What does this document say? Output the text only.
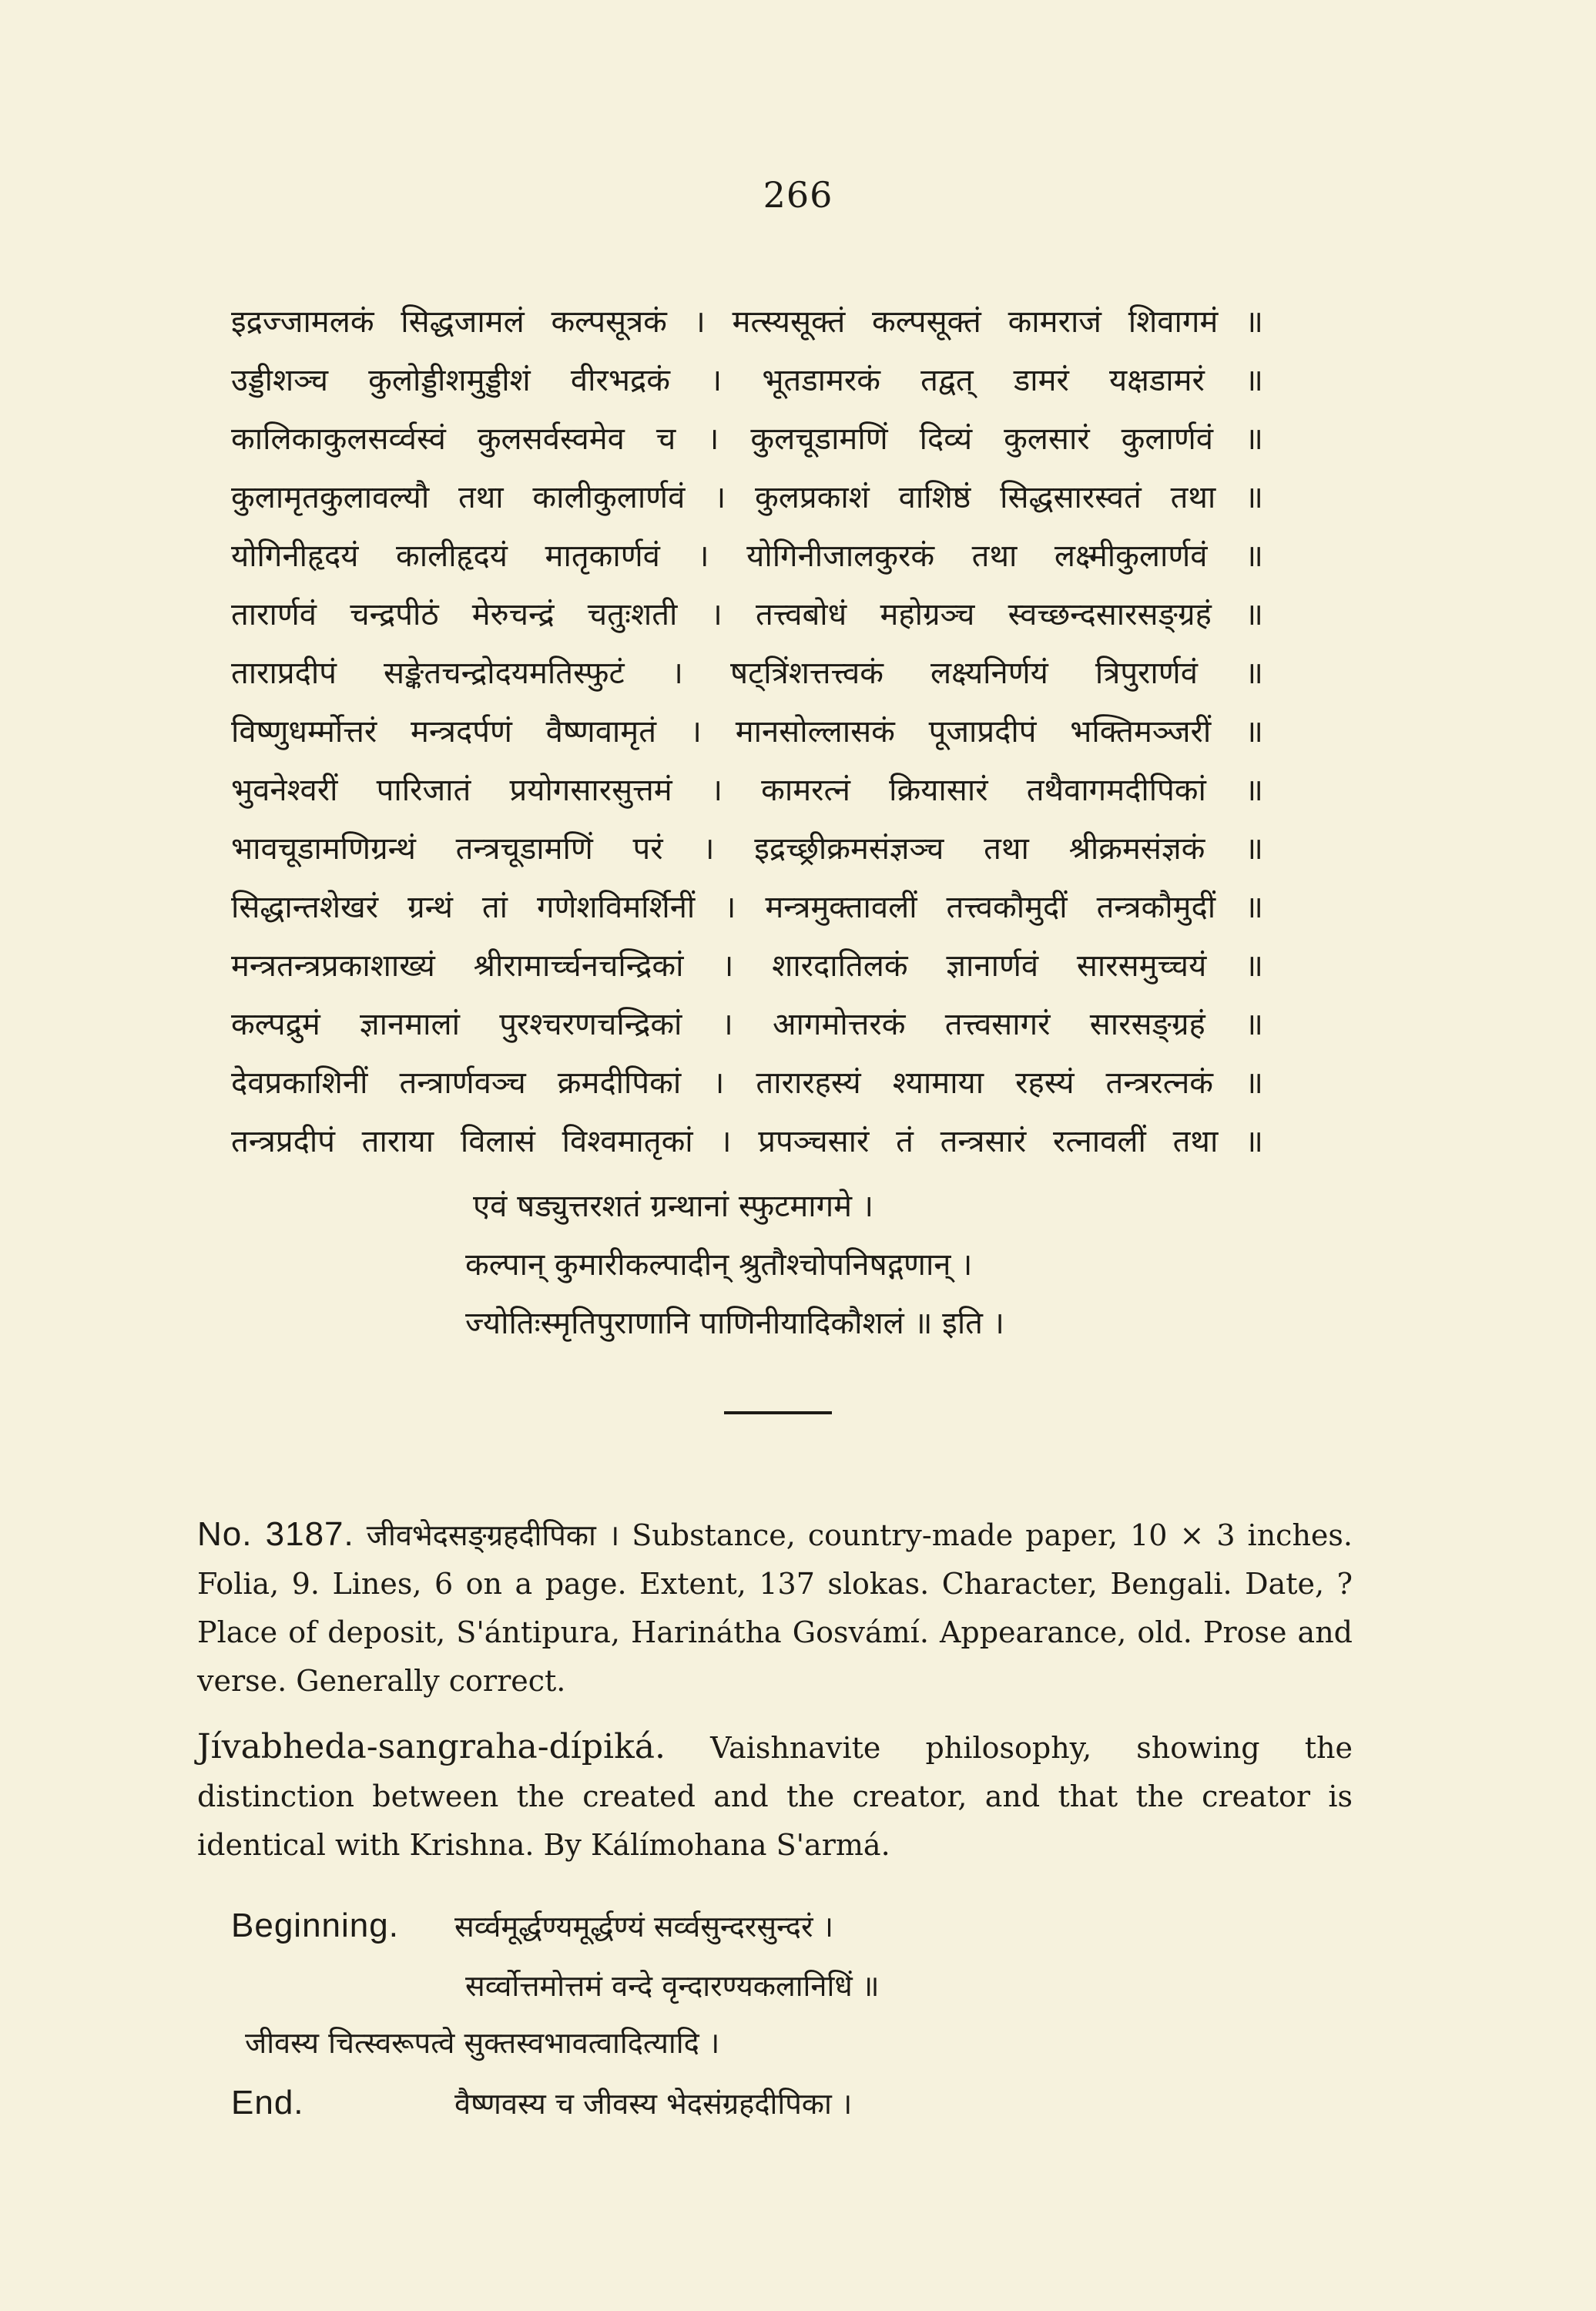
266
इद्रज्जामलकं सिद्धजामलं कल्पसूत्रकं । मत्स्यसूक्तं कल्पसूक्तं कामराजं शिवागमं ॥
उड्डीशञ्च कुलोड्डीशमुड्डीशं वीरभद्रकं । भूतडामरकं तद्वत् डामरं यक्षडामरं ॥
कालिकाकुलसर्व्वस्वं कुलसर्वस्वमेव च । कुलचूडामणिं दिव्यं कुलसारं कुलार्णवं ॥
कुलामृतकुलावल्यौ तथा कालीकुलार्णवं । कुलप्रकाशं वाशिष्ठं सिद्धसारस्वतं तथा ॥
योगिनीहृदयं कालीहृदयं मातृकार्णवं । योगिनीजालकुरकं तथा लक्ष्मीकुलार्णवं ॥
तारार्णवं चन्द्रपीठं मेरुचन्द्रं चतुःशती । तत्त्वबोधं महोग्रञ्च स्वच्छन्दसारसङ्ग्रहं ॥
ताराप्रदीपं सङ्केतचन्द्रोदयमतिस्फुटं । षट्त्रिंशत्तत्त्वकं लक्ष्यनिर्णयं त्रिपुरार्णवं ॥
विष्णुधर्म्मोत्तरं मन्त्रदर्पणं वैष्णवामृतं । मानसोल्लासकं पूजाप्रदीपं भक्तिमञ्जरीं ॥
भुवनेश्वरीं पारिजातं प्रयोगसारसुत्तमं । कामरत्नं क्रियासारं तथैवागमदीपिकां ॥
भावचूडामणिग्रन्थं तन्त्रचूडामणिं परं । इद्रच्छ्रीक्रमसंज्ञञ्च तथा श्रीक्रमसंज्ञकं ॥
सिद्धान्तशेखरं ग्रन्थं तां गणेशविमर्शिनीं । मन्त्रमुक्तावलीं तत्त्वकौमुदीं तन्त्रकौमुदीं ॥
मन्त्रतन्त्रप्रकाशाख्यं श्रीरामार्च्चनचन्द्रिकां । शारदातिलकं ज्ञानार्णवं सारसमुच्चयं ॥
कल्पद्रुमं ज्ञानमालां पुरश्चरणचन्द्रिकां । आगमोत्तरकं तत्त्वसागरं सारसङ्ग्रहं ॥
देवप्रकाशिनीं तन्त्रार्णवञ्च क्रमदीपिकां । तारारहस्यं श्यामाया रहस्यं तन्त्ररत्नकं ॥
तन्त्रप्रदीपं ताराया विलासं विश्वमातृकां । प्रपञ्चसारं तं तन्त्रसारं रत्नावलीं तथा ॥
एवं षड्युत्तरशतं ग्रन्थानां स्फुटमागमे ।
कल्पान् कुमारीकल्पादीन् श्रुतौश्चोपनिषद्गणान् ।
ज्योतिःस्मृतिपुराणानि पाणिनीयादिकौशलं ॥ इति ।
No. 3187. जीवभेदसङ्ग्रहदीपिका । Substance, country-made paper, 10 × 3 inches. Folia, 9. Lines, 6 on a page. Extent, 137 slokas. Character, Bengali. Date, ? Place of deposit, S'ántipura, Harinátha Gosvámí. Appearance, old. Prose and verse. Generally correct.
Jívabheda-sangraha-dípiká. Vaishnavite philosophy, showing the distinction between the created and the creator, and that the creator is identical with Krishna. By Kálímohana S'armá.
Beginning. सर्व्वमूर्द्धण्यमूर्द्धण्यं सर्व्वसुन्दरसुन्दरं ।
सर्व्वोत्तमोत्तमं वन्दे वृन्दारण्यकलानिधिं ॥
जीवस्य चित्स्वरूपत्वे सुक्तस्वभावत्वादित्यादि ।
End.	वैष्णवस्य च जीवस्य भेदसंग्रहदीपिका ।
